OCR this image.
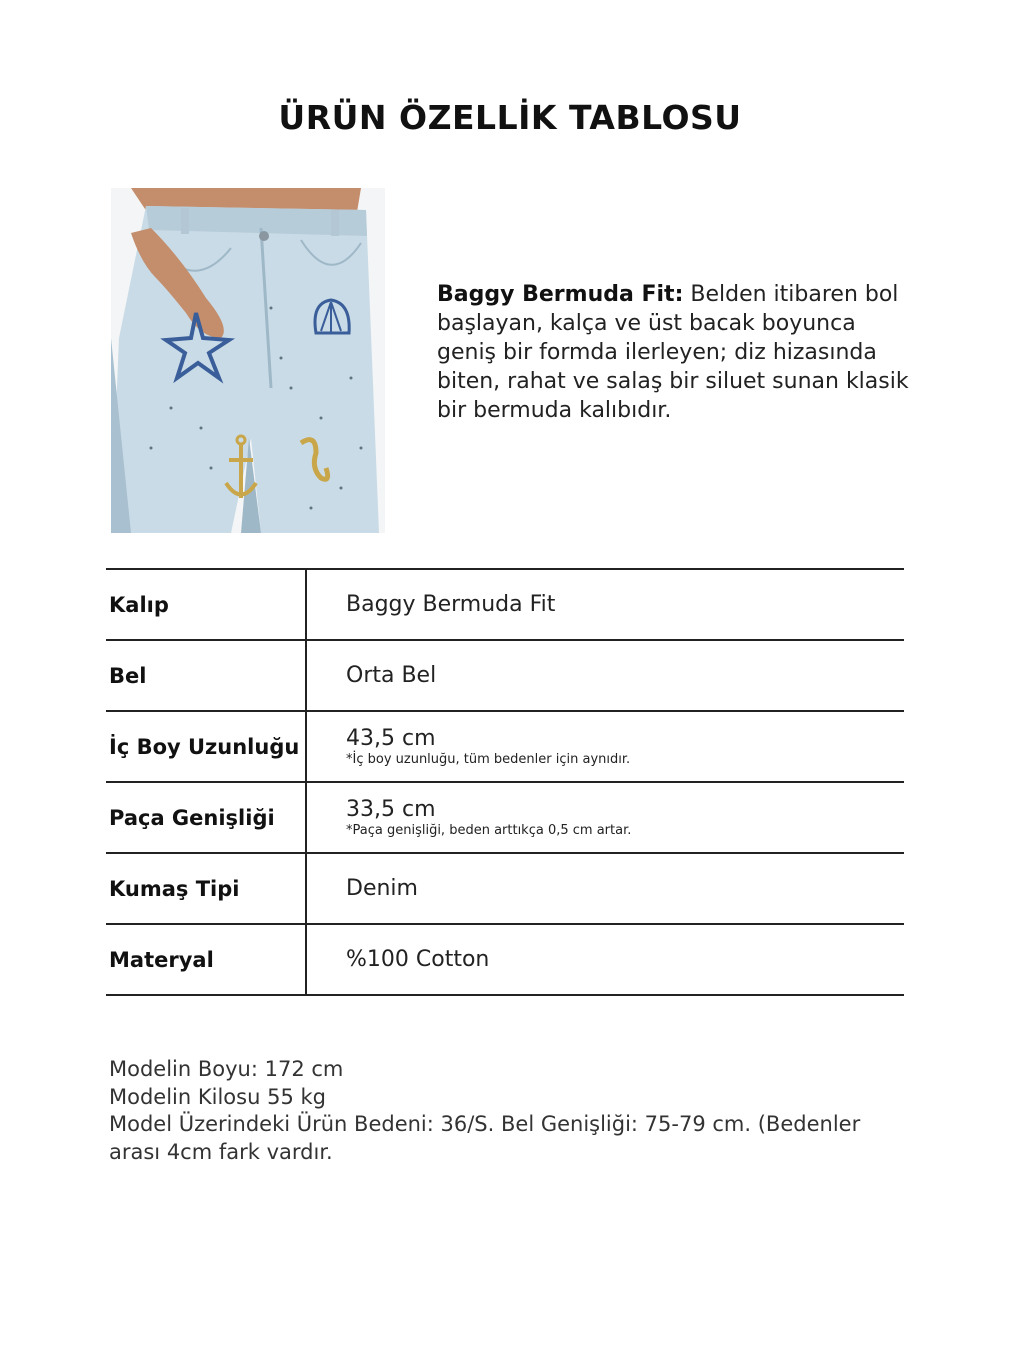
ÜRÜN ÖZELLİK TABLOSU
Baggy Bermuda Fit: Belden itibaren bol başlayan, kalça ve üst bacak boyunca geniş bir formda ilerleyen; diz hizasında biten, rahat ve salaş bir siluet sunan klasik bir bermuda kalıbıdır.
Kalıp	Baggy Bermuda Fit
Bel	Orta Bel
İç Boy Uzunluğu	43,5 cm
*İç boy uzunluğu, tüm bedenler için aynıdır.
Paça Genişliği	33,5 cm
*Paça genişliği, beden arttıkça 0,5 cm artar.
Kumaş Tipi	Denim
Materyal	%100 Cotton
Modelin Boyu: 172 cm
Modelin Kilosu 55 kg
Model Üzerindeki Ürün Bedeni: 36/S. Bel Genişliği: 75-79 cm. (Bedenler arası 4cm fark vardır.
